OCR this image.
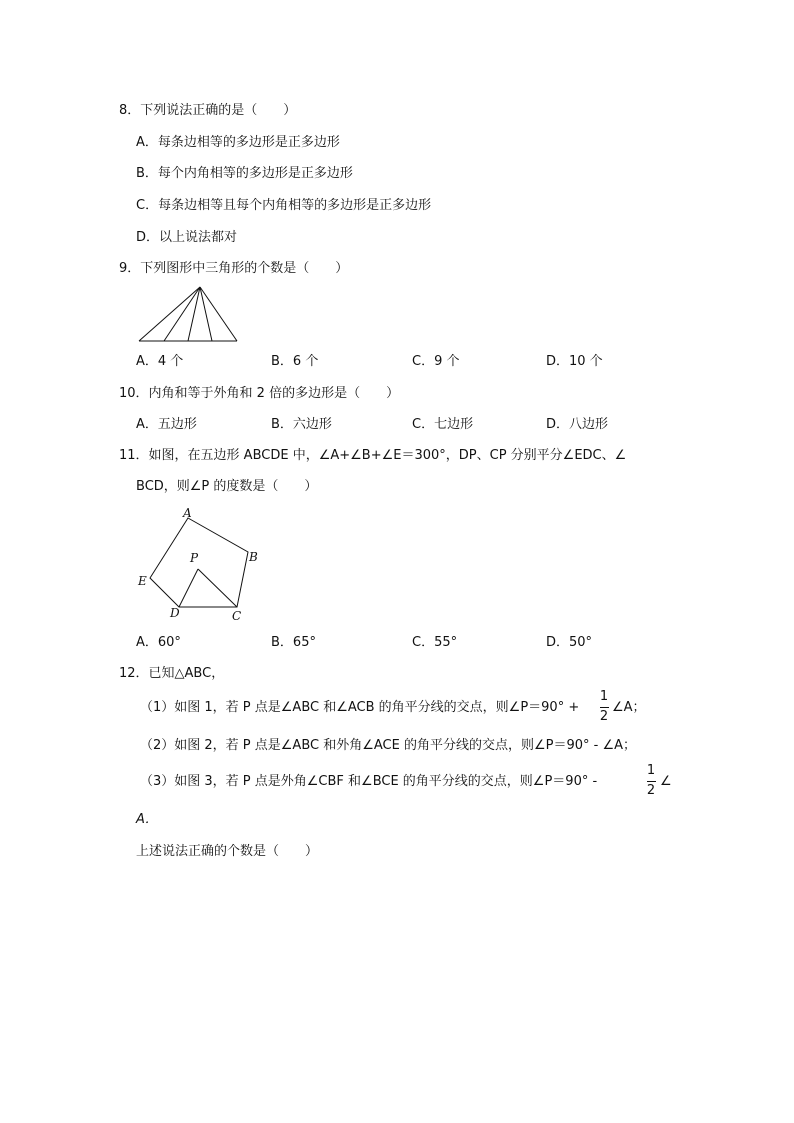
8．下列说法正确的是（　　）
A．每条边相等的多边形是正多边形
B．每个内角相等的多边形是正多边形
C．每条边相等且每个内角相等的多边形是正多边形
D．以上说法都对
9．下列图形中三角形的个数是（　　）
A．4 个	B．6 个	C．9 个	D．10 个
10．内角和等于外角和 2 倍的多边形是（　　）
A．五边形	B．六边形	C．七边形	D．八边形
11．如图，在五边形 ABCDE 中，∠A+∠B+∠E＝300°，DP、CP 分别平分∠EDC、∠
BCD，则∠P 的度数是（　　）
A
B
C
D
E
P
A．60°	B．65°	C．55°	D．50°
12．已知△ABC，
（1）如图 1，若 P 点是∠ABC 和∠ACB 的角平分线的交点，则∠P＝90° +
1
2
∠A；
（2）如图 2，若 P 点是∠ABC 和外角∠ACE 的角平分线的交点，则∠P＝90° - ∠A；
（3）如图 3，若 P 点是外角∠CBF 和∠BCE 的角平分线的交点，则∠P＝90° -
1
2
∠
A．
上述说法正确的个数是（　　）
